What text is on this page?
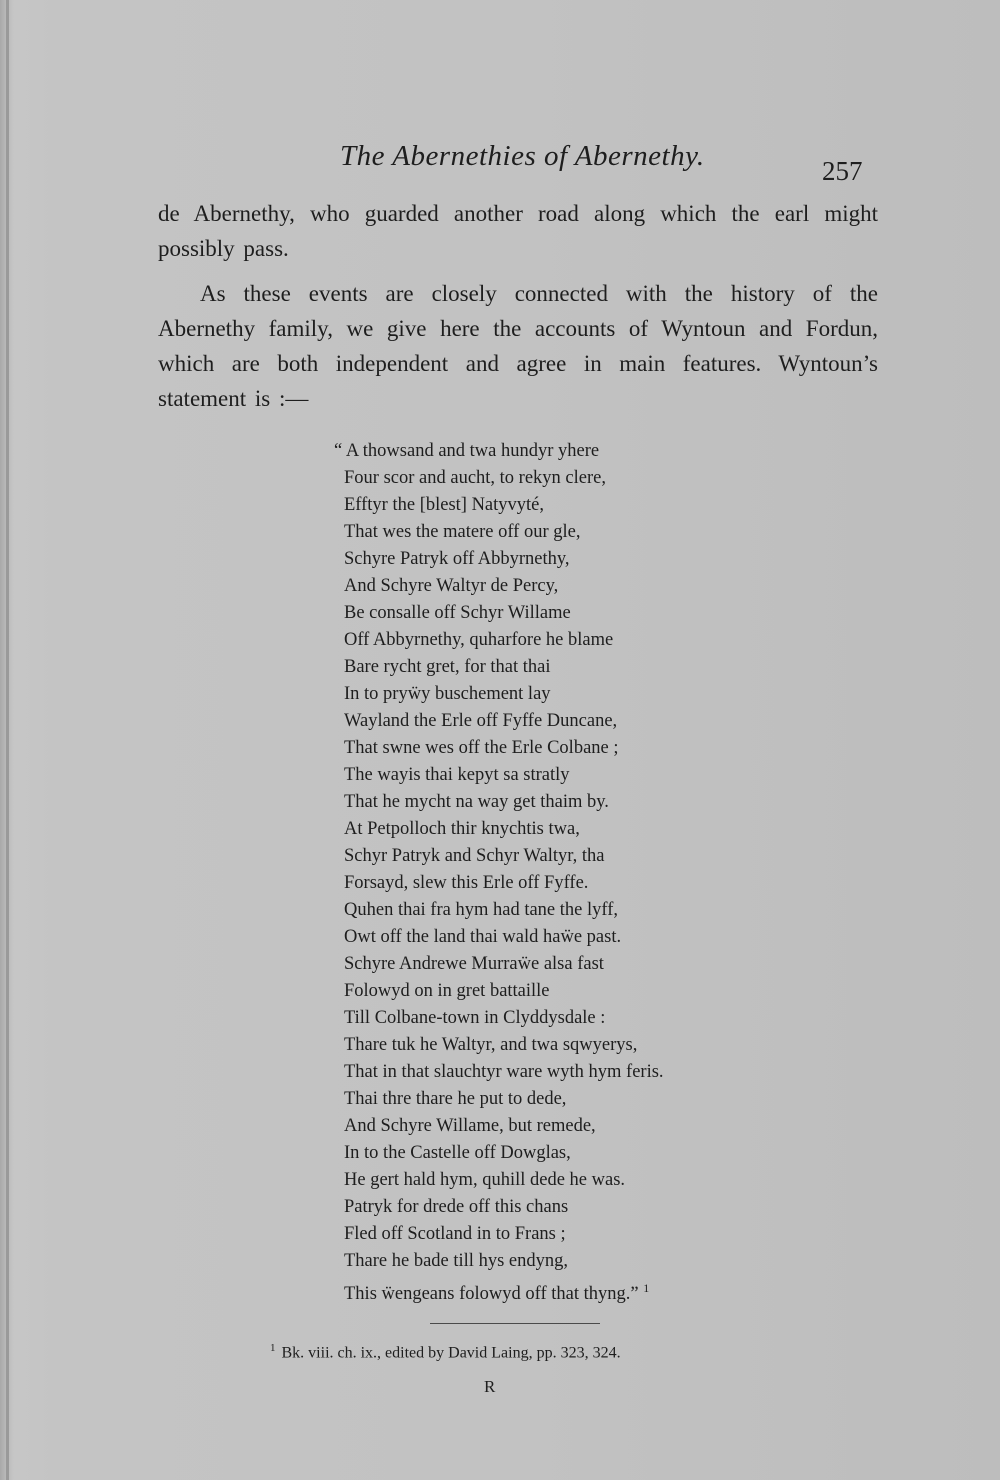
The Abernethies of Abernethy.	257

de Abernethy, who guarded another road along which the earl might possibly pass.

As these events are closely connected with the history of the Abernethy family, we give here the accounts of Wyntoun and Fordun, which are both independent and agree in main features. Wyntoun’s statement is :—

“ A thowsand and twa hundyr yhere
Four scor and aucht, to rekyn clere,
Efftyr the [blest] Natyvyté,
That wes the matere off our gle,
Schyre Patryk off Abbyrnethy,
And Schyre Waltyr de Percy,
Be consalle off Schyr Willame
Off Abbyrnethy, quharfore he blame
Bare rycht gret, for that thai
In to pryẅy buschement lay
Wayland the Erle off Fyffe Duncane,
That swne wes off the Erle Colbane ;
The wayis thai kepyt sa stratly
That he mycht na way get thaim by.
At Petpolloch thir knychtis twa,
Schyr Patryk and Schyr Waltyr, tha
Forsayd, slew this Erle off Fyffe.
Quhen thai fra hym had tane the lyff,
Owt off the land thai wald haẅe past.
Schyre Andrewe Murraẅe alsa fast
Folowyd on in gret battaille
Till Colbane-town in Clyddysdale :
Thare tuk he Waltyr, and twa sqwyerys,
That in that slauchtyr ware wyth hym feris.
Thai thre thare he put to dede,
And Schyre Willame, but remede,
In to the Castelle off Dowglas,
He gert hald hym, quhill dede he was.
Patryk for drede off this chans
Fled off Scotland in to Frans ;
Thare he bade till hys endyng,
This ẅengeans folowyd off that thyng.” $^1$
$^1$ Bk. viii. ch. ix., edited by David Laing, pp. 323, 324.
R
